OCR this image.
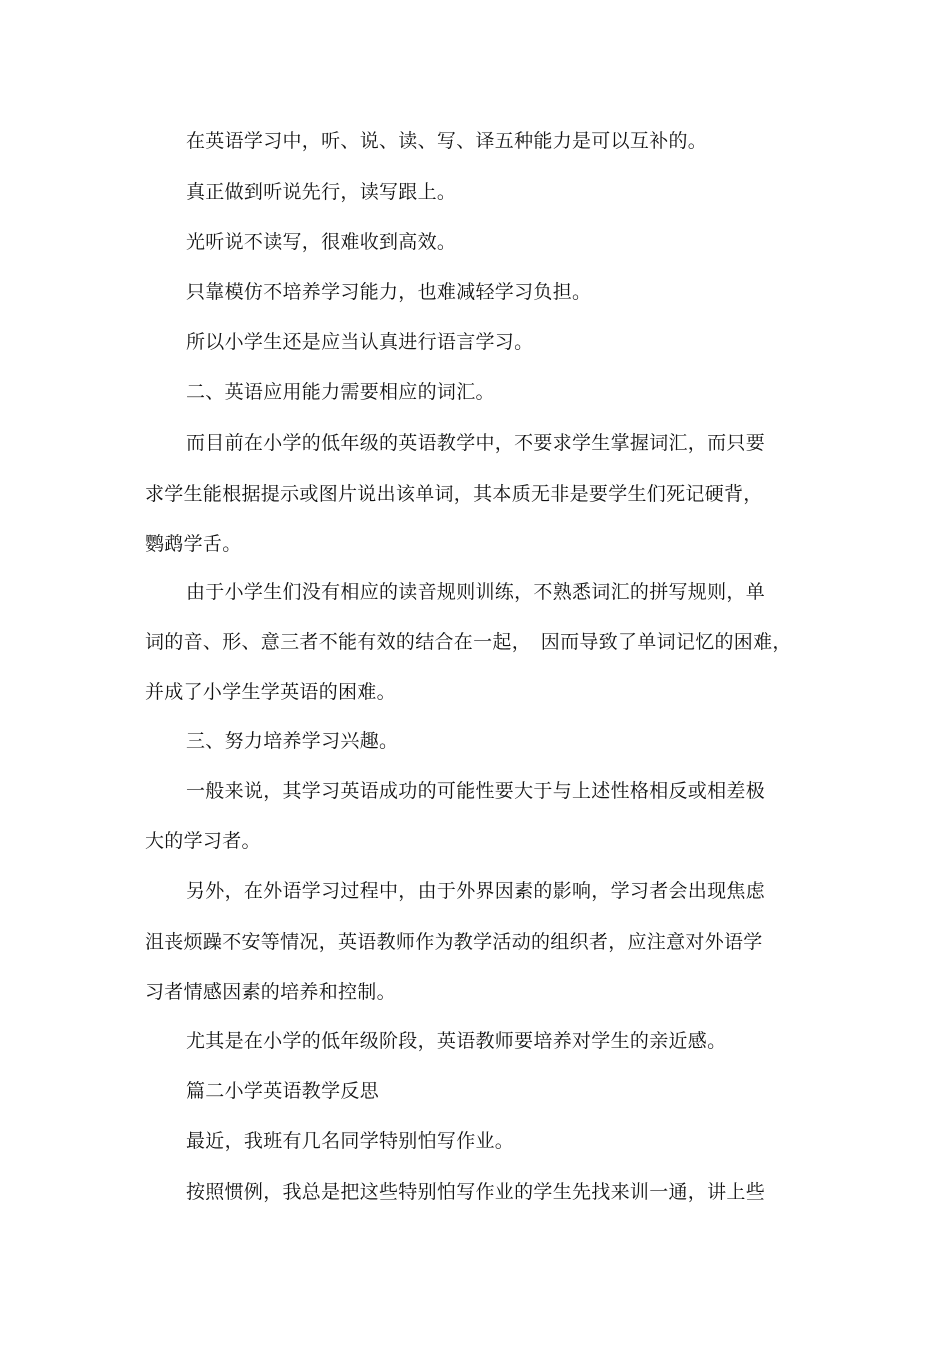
在英语学习中，听、说、读、写、译五种能力是可以互补的。
真正做到听说先行，读写跟上。
光听说不读写，很难收到高效。
只靠模仿不培养学习能力，也难减轻学习负担。
所以小学生还是应当认真进行语言学习。
二、英语应用能力需要相应的词汇。
而目前在小学的低年级的英语教学中，不要求学生掌握词汇，而只要
求学生能根据提示或图片说出该单词，其本质无非是要学生们死记硬背，
鹦鹉学舌。
由于小学生们没有相应的读音规则训练，不熟悉词汇的拼写规则，单
词的音、形、意三者不能有效的结合在一起，　因而导致了单词记忆的困难，
并成了小学生学英语的困难。
三、努力培养学习兴趣。
一般来说，其学习英语成功的可能性要大于与上述性格相反或相差极
大的学习者。
另外，在外语学习过程中，由于外界因素的影响，学习者会出现焦虑
沮丧烦躁不安等情况，英语教师作为教学活动的组织者，应注意对外语学
习者情感因素的培养和控制。
尤其是在小学的低年级阶段，英语教师要培养对学生的亲近感。
篇二小学英语教学反思
最近，我班有几名同学特别怕写作业。
按照惯例，我总是把这些特别怕写作业的学生先找来训一通，讲上些
